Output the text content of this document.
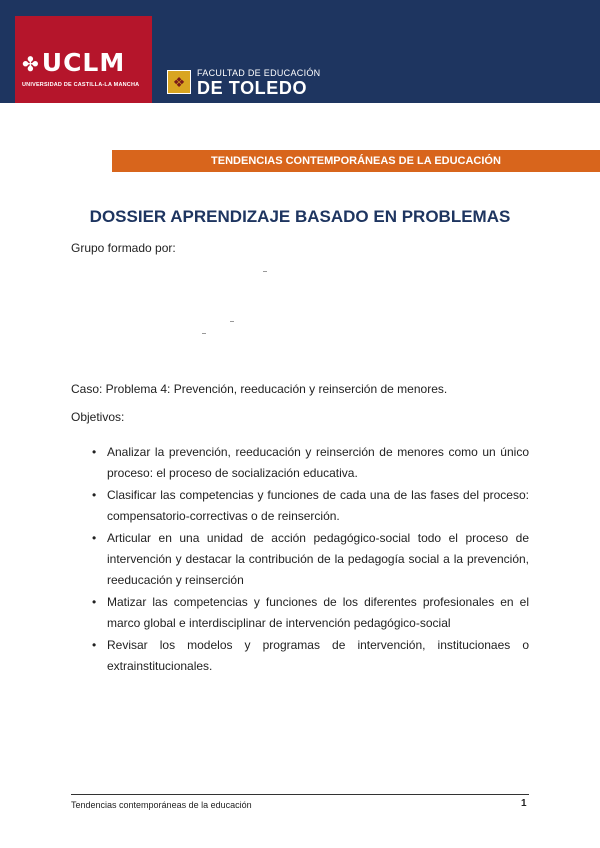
✤UCLM
UNIVERSIDAD DE CASTILLA-LA MANCHA	❖
FACULTAD DE EDUCACIÓN
DE TOLEDO
TENDENCIAS CONTEMPORÁNEAS DE LA EDUCACIÓN
DOSSIER APRENDIZAJE BASADO EN PROBLEMAS
Grupo formado por:
Caso: Problema 4: Prevención, reeducación y reinserción de menores.
Objetivos:
• Analizar la prevención, reeducación y reinserción de menores como un único proceso: el proceso de socialización educativa.
• Clasificar las competencias y funciones de cada una de las fases del proceso: compensatorio-correctivas o de reinserción.
• Articular en una unidad de acción pedagógico-social todo el proceso de intervención y destacar la contribución de la pedagogía social a la prevención, reeducación y reinserción
• Matizar las competencias y funciones de los diferentes profesionales en el marco global e interdisciplinar de intervención pedagógico-social
• Revisar los modelos y programas de intervención, institucionaes o extrainstitucionales.
Tendencias contemporáneas de la educación	1
